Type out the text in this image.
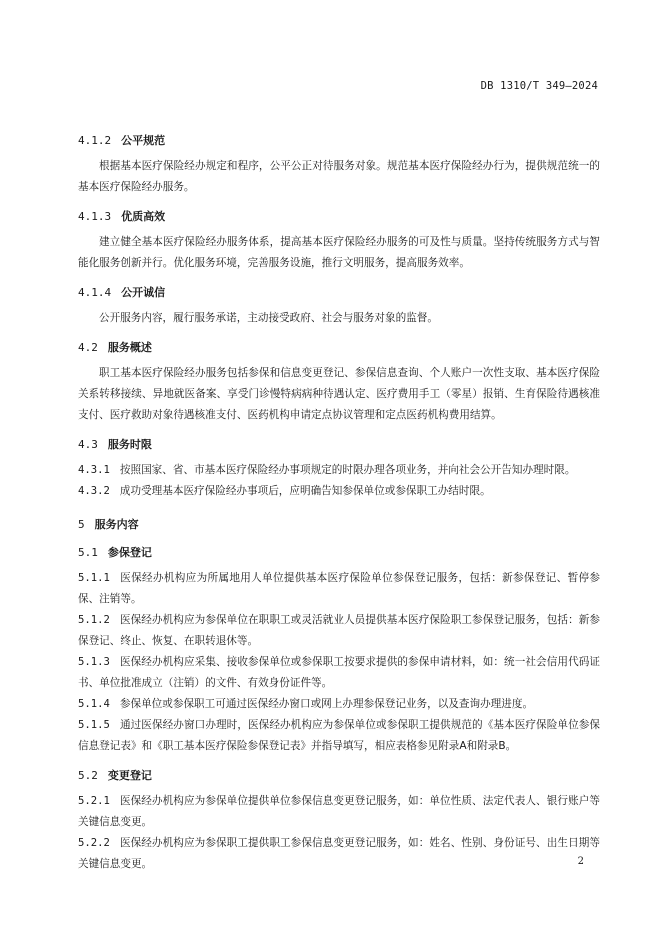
DB 1310/T 349—2024

4.1.2 公平规范

根据基本医疗保险经办规定和程序，公平公正对待服务对象。规范基本医疗保险经办行为，提供规范统一的基本医疗保险经办服务。

4.1.3 优质高效

建立健全基本医疗保险经办服务体系，提高基本医疗保险经办服务的可及性与质量。坚持传统服务方式与智能化服务创新并行。优化服务环境，完善服务设施，推行文明服务，提高服务效率。

4.1.4 公开诚信

公开服务内容，履行服务承诺，主动接受政府、社会与服务对象的监督。

4.2 服务概述

职工基本医疗保险经办服务包括参保和信息变更登记、参保信息查询、个人账户一次性支取、基本医疗保险关系转移接续、异地就医备案、享受门诊慢特病病种待遇认定、医疗费用手工（零星）报销、生育保险待遇核准支付、医疗救助对象待遇核准支付、医药机构申请定点协议管理和定点医药机构费用结算。

4.3 服务时限

4.3.1 按照国家、省、市基本医疗保险经办事项规定的时限办理各项业务，并向社会公开告知办理时限。

4.3.2 成功受理基本医疗保险经办事项后，应明确告知参保单位或参保职工办结时限。

5 服务内容

5.1 参保登记

5.1.1 医保经办机构应为所属地用人单位提供基本医疗保险单位参保登记服务，包括：新参保登记、暂停参保、注销等。

5.1.2 医保经办机构应为参保单位在职职工或灵活就业人员提供基本医疗保险职工参保登记服务，包括：新参保登记、终止、恢复、在职转退休等。

5.1.3 医保经办机构应采集、接收参保单位或参保职工按要求提供的参保申请材料，如：统一社会信用代码证书、单位批准成立（注销）的文件、有效身份证件等。

5.1.4 参保单位或参保职工可通过医保经办窗口或网上办理参保登记业务，以及查询办理进度。

5.1.5 通过医保经办窗口办理时，医保经办机构应为参保单位或参保职工提供规范的《基本医疗保险单位参保信息登记表》和《职工基本医疗保险参保登记表》并指导填写，相应表格参见附录A和附录B。

5.2 变更登记

5.2.1 医保经办机构应为参保单位提供单位参保信息变更登记服务，如：单位性质、法定代表人、银行账户等关键信息变更。

5.2.2 医保经办机构应为参保职工提供职工参保信息变更登记服务，如：姓名、性别、身份证号、出生日期等关键信息变更。	2
